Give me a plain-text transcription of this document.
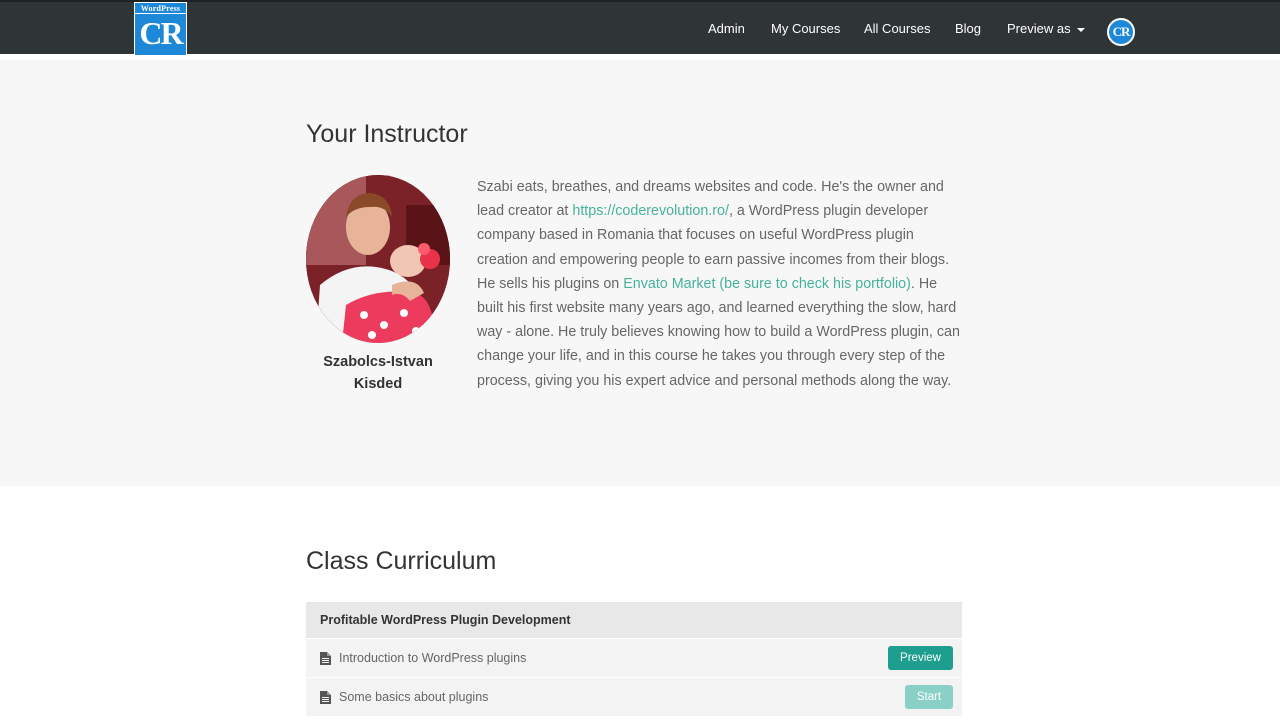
WordPress
CR	Admin My Courses All Courses Blog Preview as	CR
Your Instructor
Szabolcs-Istvan
Kisded
Szabi eats, breathes, and dreams websites and code. He's the owner and lead creator at https://coderevolution.ro/, a WordPress plugin developer company based in Romania that focuses on useful WordPress plugin creation and empowering people to earn passive incomes from their blogs. He sells his plugins on Envato Market (be sure to check his portfolio). He built his first website many years ago, and learned everything the slow, hard way - alone. He truly believes knowing how to build a WordPress plugin, can change your life, and in this course he takes you through every step of the process, giving you his expert advice and personal methods along the way.
Class Curriculum
Profitable WordPress Plugin Development
Introduction to WordPress plugins	Preview
Some basics about plugins	Start
